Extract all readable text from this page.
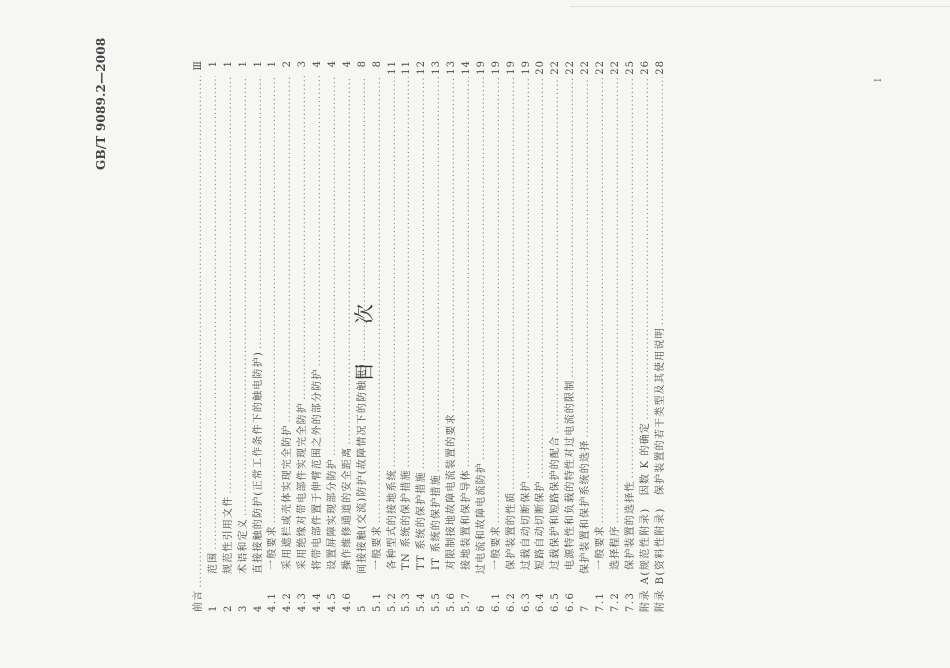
GB/T 9089.2—2008	Ⅰ
目次
前言
.....
Ⅲ
1
范围
.....
1
2
规范性引用文件
.....
1
3
术语和定义
.....
1
4
直接接触的防护(正常工作条件下的触电防护)
.....
1
4.1
一般要求
.....
1
4.2
采用遮栏或壳体实现完全防护
.....
2
4.3
采用绝缘对带电部件实现完全防护
.....
3
4.4
将带电部件置于伸臂范围之外的部分防护
.....
4
4.5
设置屏障实现部分防护
.....
4
4.6
操作维修通道的安全距离
.....
4
5
间接接触(交流)防护(故障情况下的防触电)
.....
8
5.1
一般要求
.....
8
5.2
各种型式的接地系统
.....
11
5.3
TN 系统的保护措施
.....
11
5.4
TT 系统的保护措施
.....
12
5.5
IT 系统的保护措施
.....
13
5.6
对限制接地故障电流装置的要求
.....
13
5.7
接地装置和保护导体
.....
14
6
过电流和故障电流防护
.....
19
6.1
一般要求
.....
19
6.2
保护装置的性质
.....
19
6.3
过载自动切断保护
.....
19
6.4
短路自动切断保护
.....
20
6.5
过载保护和短路保护的配合
.....
22
6.6
电源特性和负载的特性对过电流的限制
.....
22
7
保护装置和保护系统的选择
.....
22
7.1
一般要求
.....
22
7.2
选择程序
.....
22
7.3
保护装置的选择性
.....
25
附录 A(规范性附录)
因数 K 的确定
.....
26
附录 B(资料性附录)
保护装置的若干类型及其使用说明
.....
28
